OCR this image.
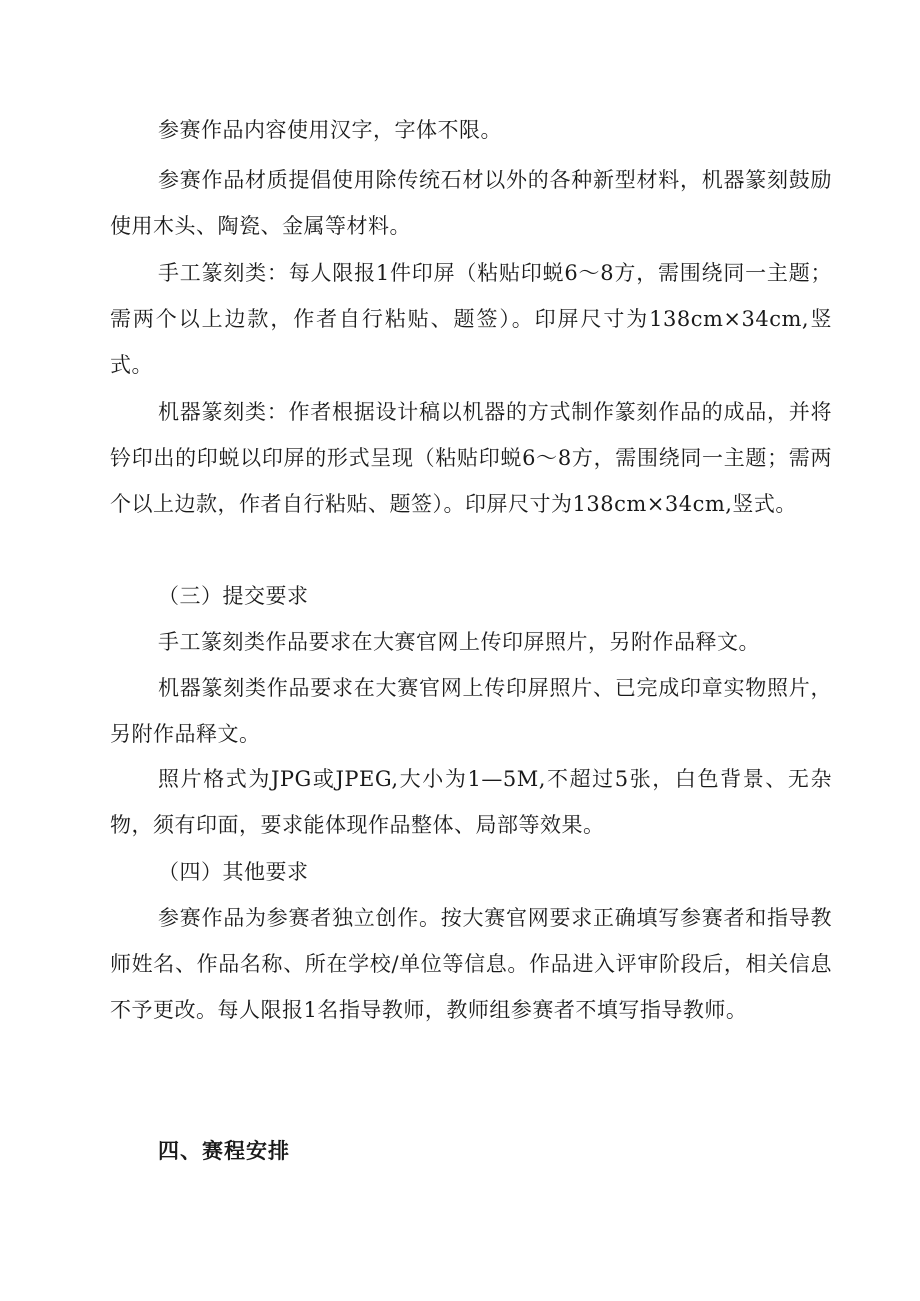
参赛作品内容使用汉字，字体不限。

参赛作品材质提倡使用除传统石材以外的各种新型材料，机器篆刻鼓励使用木头、陶瓷、金属等材料。

手工篆刻类：每人限报1件印屏（粘贴印蜕6～8方，需围绕同一主题；需两个以上边款，作者自行粘贴、题签）。印屏尺寸为138cm×34cm,竖式。

机器篆刻类：作者根据设计稿以机器的方式制作篆刻作品的成品，并将钤印出的印蜕以印屏的形式呈现（粘贴印蜕6～8方，需围绕同一主题；需两个以上边款，作者自行粘贴、题签）。印屏尺寸为138cm×34cm,竖式。

（三）提交要求

手工篆刻类作品要求在大赛官网上传印屏照片，另附作品释文。

机器篆刻类作品要求在大赛官网上传印屏照片、已完成印章实物照片，另附作品释文。

照片格式为JPG或JPEG,大小为1—5M,不超过5张，白色背景、无杂物，须有印面，要求能体现作品整体、局部等效果。

（四）其他要求

参赛作品为参赛者独立创作。按大赛官网要求正确填写参赛者和指导教师姓名、作品名称、所在学校/单位等信息。作品进入评审阶段后，相关信息不予更改。每人限报1名指导教师，教师组参赛者不填写指导教师。

四、赛程安排
